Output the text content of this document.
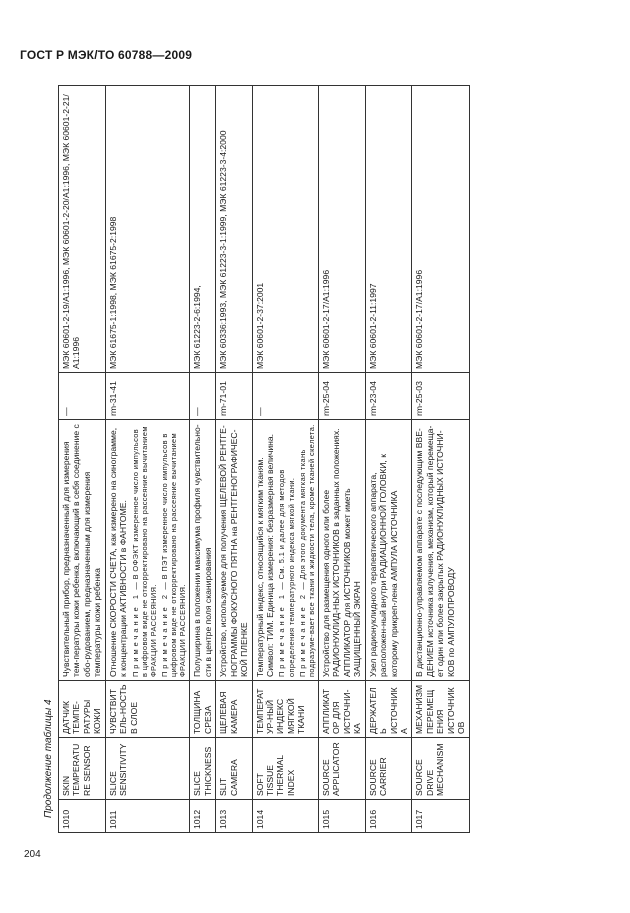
ГОСТ Р МЭК/ТО 60788—2009
Продолжение таблицы 4
1010	SKIN TEMPERATURE SENSOR	ДАТЧИК ТЕМПЕ-РАТУРЫ КОЖИ	Чувствительный прибор, предназначенный для измерения тем-пературы кожи ребенка, включающий в себя соединение с обо-рудованием, предназначенным для измерения температуры кожи ребенка	—	МЭК 60601-2-19/А1:1996, МЭК 60601-2-20/А1:1996, МЭК 60601-2-21/А1:1996
1011	SLICE SENSITIVITY	ЧУВСТВИТЕЛЬ-НОСТЬ В СЛОЕ	Отношение СКОРОСТИ СЧЕТА, как измерено на синограмме, к концентрации АКТИВНОСТИ в ФАНТОМЕ. Примечание 1 — В ОФЭКТ измеренное число импульсов в цифровом виде не откорректировано на рассеяние вычитанием ФРАКЦИИ РАССЕЯНИЯ. Примечание 2 — В ПЭТ измеренное число импульсов в цифровом виде не откорректировано на рассеяние вычитанием ФРАКЦИИ РАССЕЯНИЯ.	rm-31-41	МЭК 61675-1:1998, МЭК 61675-2:1998
1012	SLICE THICKNESS	ТОЛЩИНА СРЕЗА	Полуширина в положении максимума профиля чувствительно-сти в центре поля сканирования	—	МЭК 61223-2-6:1994,
1013	SLIT CAMERA	ЩЕЛЕВАЯ КАМЕРА	Устройство, используемое для получения ЩЕЛЕВОЙ РЕНТГЕ-НОГРАММЫ ФОКУСНОГО ПЯТНА на РЕНТГЕНОГРАФИЧЕС-КОЙ ПЛЕНКЕ	rm-71-01	МЭК 60336:1993, МЭК 61223-3-1:1999, МЭК 61223-3-4:2000
1014	SOFT TISSUE THERMAL INDEX	ТЕМПЕРАТУР-НЫЙ ИНДЕКС МЯГКОЙ ТКАНИ	Температурный индекс, относящийся к мягким тканям. Символ: ТИМ. Единица измерения: безразмерная величина. Примечание 1 — См. 5.1 и далее для методов определения температурного индекса мягкой ткани. Примечание 2 — Для этого документа мягкая ткань подразуме-вает все ткани и жидкости тела, кроме тканей скелета.	—	МЭК 60601-2-37:2001
1015	SOURCE APPLICATOR	АППЛИКАТОР ДЛЯ ИСТОЧНИ-КА	Устройство для размещения одного или более РАДИОНУКЛИД-НЫХ ИСТОЧНИКОВ в заданных положениях. АППЛИКАТОР для ИСТОЧНИКОВ может иметь ЗАЩИЩЕННЫЙ ЭКРАН	rm-25-04	МЭК 60601-2-17/А1:1996
1016	SOURCE CARRIER	ДЕРЖАТЕЛЬ ИСТОЧНИКА	Узел радионуклидного терапевтического аппарата, расположен-ный внутри РАДИАЦИОННОЙ ГОЛОВКИ, к которому прикреп-лена АМПУЛА ИСТОЧНИКА	rm-23-04	МЭК 60601-2-11:1997
1017	SOURCE DRIVE MECHANISM	МЕХАНИЗМ ПЕРЕМЕЩЕНИЯ ИСТОЧНИКОВ	В дистанционно-управляемом аппарате с последующим ВВЕ-ДЕНИЕМ источника излучения, механизм, который перемеща-ет один или более закрытых РАДИОНУКЛИДНЫХ ИСТОЧНИ-КОВ по АМПУЛОПРОВОДУ	rm-25-03	МЭК 60601-2-17/А1:1996
204
